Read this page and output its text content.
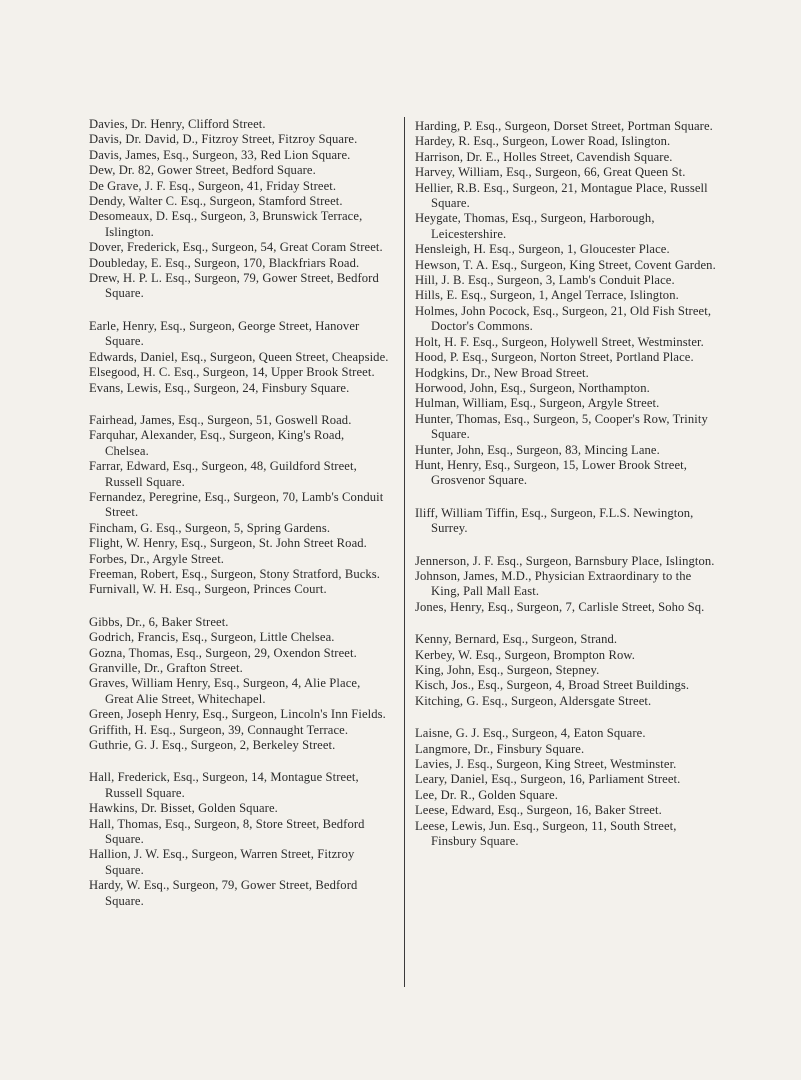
Davies, Dr. Henry, Clifford Street.
Davis, Dr. David, D., Fitzroy Street, Fitzroy Square.
Davis, James, Esq., Surgeon, 33, Red Lion Square.
Dew, Dr. 82, Gower Street, Bedford Square.
De Grave, J. F. Esq., Surgeon, 41, Friday Street.
Dendy, Walter C. Esq., Surgeon, Stamford Street.
Desomeaux, D. Esq., Surgeon, 3, Brunswick Terrace, Islington.
Dover, Frederick, Esq., Surgeon, 54, Great Coram Street.
Doubleday, E. Esq., Surgeon, 170, Blackfriars Road.
Drew, H. P. L. Esq., Surgeon, 79, Gower Street, Bedford Square.
Earle, Henry, Esq., Surgeon, George Street, Hanover Square.
Edwards, Daniel, Esq., Surgeon, Queen Street, Cheapside.
Elsegood, H. C. Esq., Surgeon, 14, Upper Brook Street.
Evans, Lewis, Esq., Surgeon, 24, Finsbury Square.
Fairhead, James, Esq., Surgeon, 51, Goswell Road.
Farquhar, Alexander, Esq., Surgeon, King's Road, Chelsea.
Farrar, Edward, Esq., Surgeon, 48, Guildford Street, Russell Square.
Fernandez, Peregrine, Esq., Surgeon, 70, Lamb's Conduit Street.
Fincham, G. Esq., Surgeon, 5, Spring Gardens.
Flight, W. Henry, Esq., Surgeon, St. John Street Road.
Forbes, Dr., Argyle Street.
Freeman, Robert, Esq., Surgeon, Stony Stratford, Bucks.
Furnivall, W. H. Esq., Surgeon, Princes Court.
Gibbs, Dr., 6, Baker Street.
Godrich, Francis, Esq., Surgeon, Little Chelsea.
Gozna, Thomas, Esq., Surgeon, 29, Oxendon Street.
Granville, Dr., Grafton Street.
Graves, William Henry, Esq., Surgeon, 4, Alie Place, Great Alie Street, Whitechapel.
Green, Joseph Henry, Esq., Surgeon, Lincoln's Inn Fields.
Griffith, H. Esq., Surgeon, 39, Connaught Terrace.
Guthrie, G. J. Esq., Surgeon, 2, Berkeley Street.
Hall, Frederick, Esq., Surgeon, 14, Montague Street, Russell Square.
Hawkins, Dr. Bisset, Golden Square.
Hall, Thomas, Esq., Surgeon, 8, Store Street, Bedford Square.
Hallion, J. W. Esq., Surgeon, Warren Street, Fitzroy Square.
Hardy, W. Esq., Surgeon, 79, Gower Street, Bedford Square.
Harding, P. Esq., Surgeon, Dorset Street, Portman Square.
Hardey, R. Esq., Surgeon, Lower Road, Islington.
Harrison, Dr. E., Holles Street, Cavendish Square.
Harvey, William, Esq., Surgeon, 66, Great Queen St.
Hellier, R.B. Esq., Surgeon, 21, Montague Place, Russell Square.
Heygate, Thomas, Esq., Surgeon, Harborough, Leicestershire.
Hensleigh, H. Esq., Surgeon, 1, Gloucester Place.
Hewson, T. A. Esq., Surgeon, King Street, Covent Garden.
Hill, J. B. Esq., Surgeon, 3, Lamb's Conduit Place.
Hills, E. Esq., Surgeon, 1, Angel Terrace, Islington.
Holmes, John Pocock, Esq., Surgeon, 21, Old Fish Street, Doctor's Commons.
Holt, H. F. Esq., Surgeon, Holywell Street, Westminster.
Hood, P. Esq., Surgeon, Norton Street, Portland Place.
Hodgkins, Dr., New Broad Street.
Horwood, John, Esq., Surgeon, Northampton.
Hulman, William, Esq., Surgeon, Argyle Street.
Hunter, Thomas, Esq., Surgeon, 5, Cooper's Row, Trinity Square.
Hunter, John, Esq., Surgeon, 83, Mincing Lane.
Hunt, Henry, Esq., Surgeon, 15, Lower Brook Street, Grosvenor Square.
Iliff, William Tiffin, Esq., Surgeon, F.L.S. Newington, Surrey.
Jennerson, J. F. Esq., Surgeon, Barnsbury Place, Islington.
Johnson, James, M.D., Physician Extraordinary to the King, Pall Mall East.
Jones, Henry, Esq., Surgeon, 7, Carlisle Street, Soho Sq.
Kenny, Bernard, Esq., Surgeon, Strand.
Kerbey, W. Esq., Surgeon, Brompton Row.
King, John, Esq., Surgeon, Stepney.
Kisch, Jos., Esq., Surgeon, 4, Broad Street Buildings.
Kitching, G. Esq., Surgeon, Aldersgate Street.
Laisne, G. J. Esq., Surgeon, 4, Eaton Square.
Langmore, Dr., Finsbury Square.
Lavies, J. Esq., Surgeon, King Street, Westminster.
Leary, Daniel, Esq., Surgeon, 16, Parliament Street.
Lee, Dr. R., Golden Square.
Leese, Edward, Esq., Surgeon, 16, Baker Street.
Leese, Lewis, Jun. Esq., Surgeon, 11, South Street, Finsbury Square.
